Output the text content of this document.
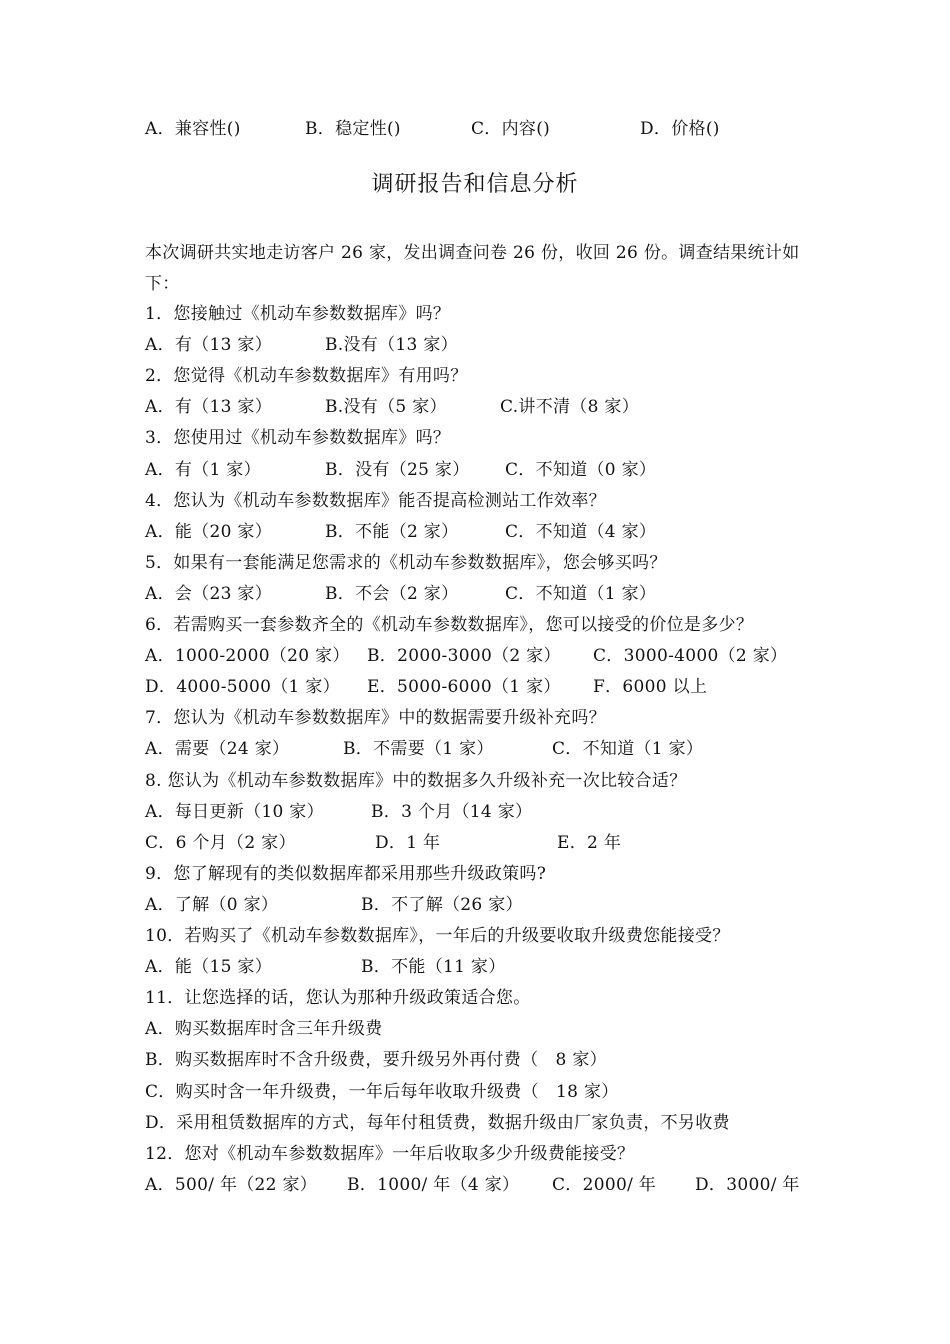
A．兼容性()	B．稳定性()	C．内容()	D．价格()
调研报告和信息分析
本次调研共实地走访客户 26 家，发出调查问卷 26 份，收回 26 份。调查结果统计如下：
1．您接触过《机动车参数数据库》吗？
A．有（13 家）	B.没有（13 家）
2．您觉得《机动车参数数据库》有用吗？
A．有（13 家）	B.没有（5 家）	C.讲不清（8 家）
3．您使用过《机动车参数数据库》吗？
A．有（1 家）	B．没有（25 家） C．不知道（0 家）
4．您认为《机动车参数数据库》能否提高检测站工作效率？
A．能（20 家）	B．不能（2 家）	C．不知道（4 家）
5．如果有一套能满足您需求的《机动车参数数据库》，您会够买吗？
A．会（23 家）	B．不会（2 家）	C．不知道（1 家）
6．若需购买一套参数齐全的《机动车参数数据库》，您可以接受的价位是多少？
A．1000-2000（20 家） B．2000-3000（2 家） C．3000-4000（2 家）
D．4000-5000（1 家） E．5000-6000（1 家） F．6000 以上
7．您认为《机动车参数数据库》中的数据需要升级补充吗？
A．需要（24 家）	B．不需要（1 家）	C．不知道（1 家）
8. 您认为《机动车参数数据库》中的数据多久升级补充一次比较合适？
A．每日更新（10 家）	B．3 个月（14 家）
C．6 个月（2 家）	D．1 年	E．2 年
9．您了解现有的类似数据库都采用那些升级政策吗?
A．了解（0 家）	B．不了解（26 家）
10．若购买了《机动车参数数据库》，一年后的升级要收取升级费您能接受？
A．能（15 家）	B．不能（11 家）
11．让您选择的话，您认为那种升级政策适合您。
A．购买数据库时含三年升级费
B．购买数据库时不含升级费，要升级另外再付费（   8 家）
C．购买时含一年升级费，一年后每年收取升级费（   18 家）
D．采用租赁数据库的方式，每年付租赁费，数据升级由厂家负责，不另收费
12．您对《机动车参数数据库》一年后收取多少升级费能接受？
A．500/ 年（22 家） B．1000/ 年（4 家） C．2000/ 年 D．3000/ 年
